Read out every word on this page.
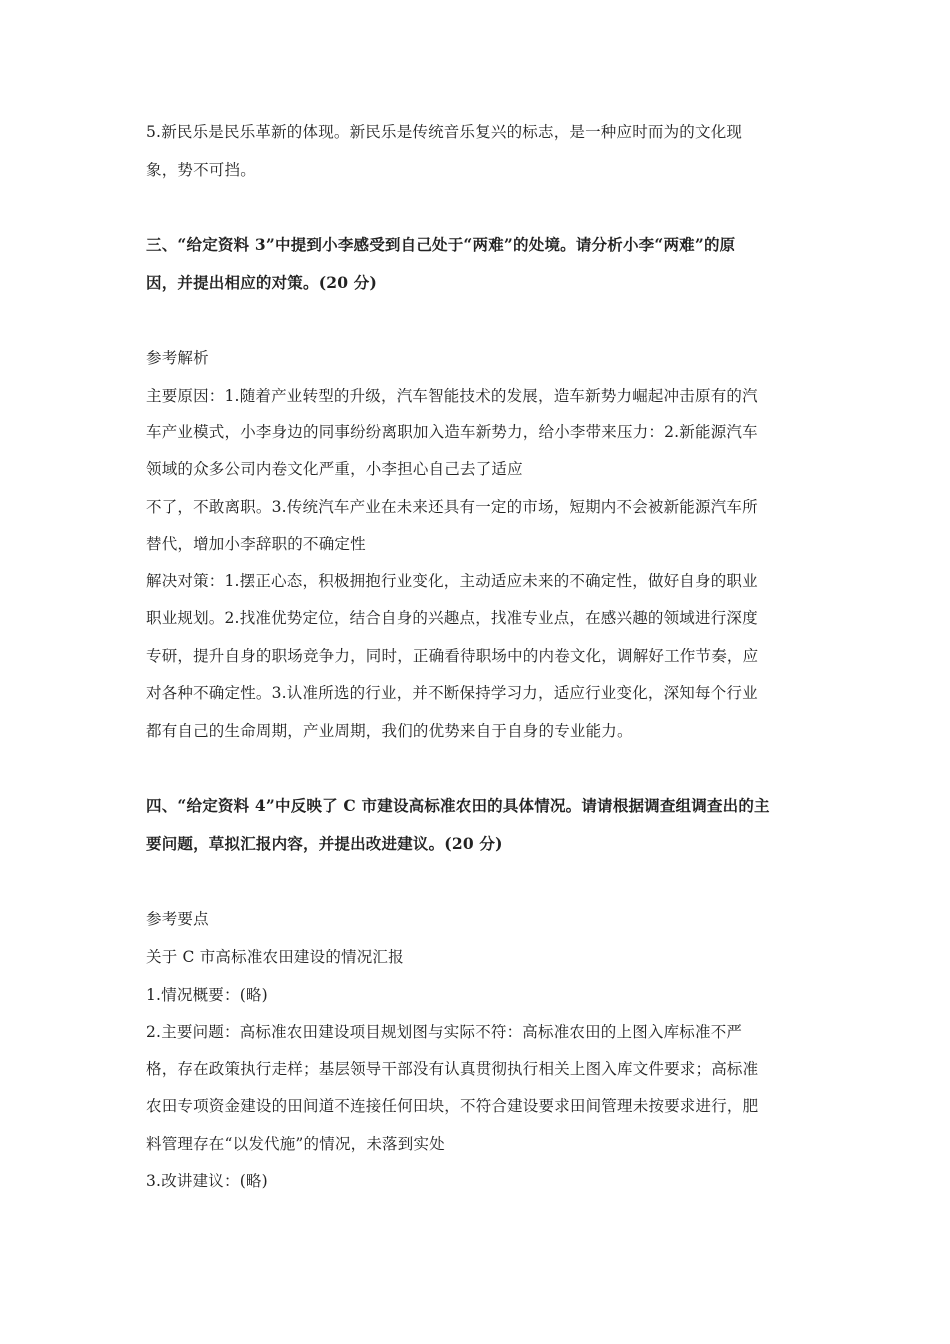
5.新民乐是民乐革新的体现。新民乐是传统音乐复兴的标志，是一种应时而为的文化现
象，势不可挡。
三、“给定资料 3”中提到小李感受到自己处于“两难”的处境。请分析小李“两难”的原
因，并提出相应的对策。(20 分)
参考解析
主要原因：1.随着产业转型的升级，汽车智能技术的发展，造车新势力崛起冲击原有的汽
车产业模式，小李身边的同事纷纷离职加入造车新势力，给小李带来压力：2.新能源汽车
领域的众多公司内卷文化严重，小李担心自己去了适应
不了，不敢离职。3.传统汽车产业在未来还具有一定的市场，短期内不会被新能源汽车所
替代，增加小李辞职的不确定性
解决对策：1.摆正心态，积极拥抱行业变化，主动适应未来的不确定性，做好自身的职业
职业规划。2.找准优势定位，结合自身的兴趣点，找准专业点，在感兴趣的领域进行深度
专研，提升自身的职场竞争力，同时，正确看待职场中的内卷文化，调解好工作节奏，应
对各种不确定性。3.认准所选的行业，并不断保持学习力，适应行业变化，深知每个行业
都有自己的生命周期，产业周期，我们的优势来自于自身的专业能力。
四、“给定资料 4”中反映了 C 市建设高标准农田的具体情况。请请根据调查组调查出的主
要问题，草拟汇报内容，并提出改进建议。(20 分)
参考要点
关于 C 市高标准农田建设的情况汇报
1.情况概要：(略)
2.主要问题：高标准农田建设项目规划图与实际不符：高标准农田的上图入库标准不严
格，存在政策执行走样；基层领导干部没有认真贯彻执行相关上图入库文件要求；高标准
农田专项资金建设的田间道不连接任何田块，不符合建设要求田间管理未按要求进行，肥
料管理存在“以发代施”的情况，未落到实处
3.改讲建议：(略)
